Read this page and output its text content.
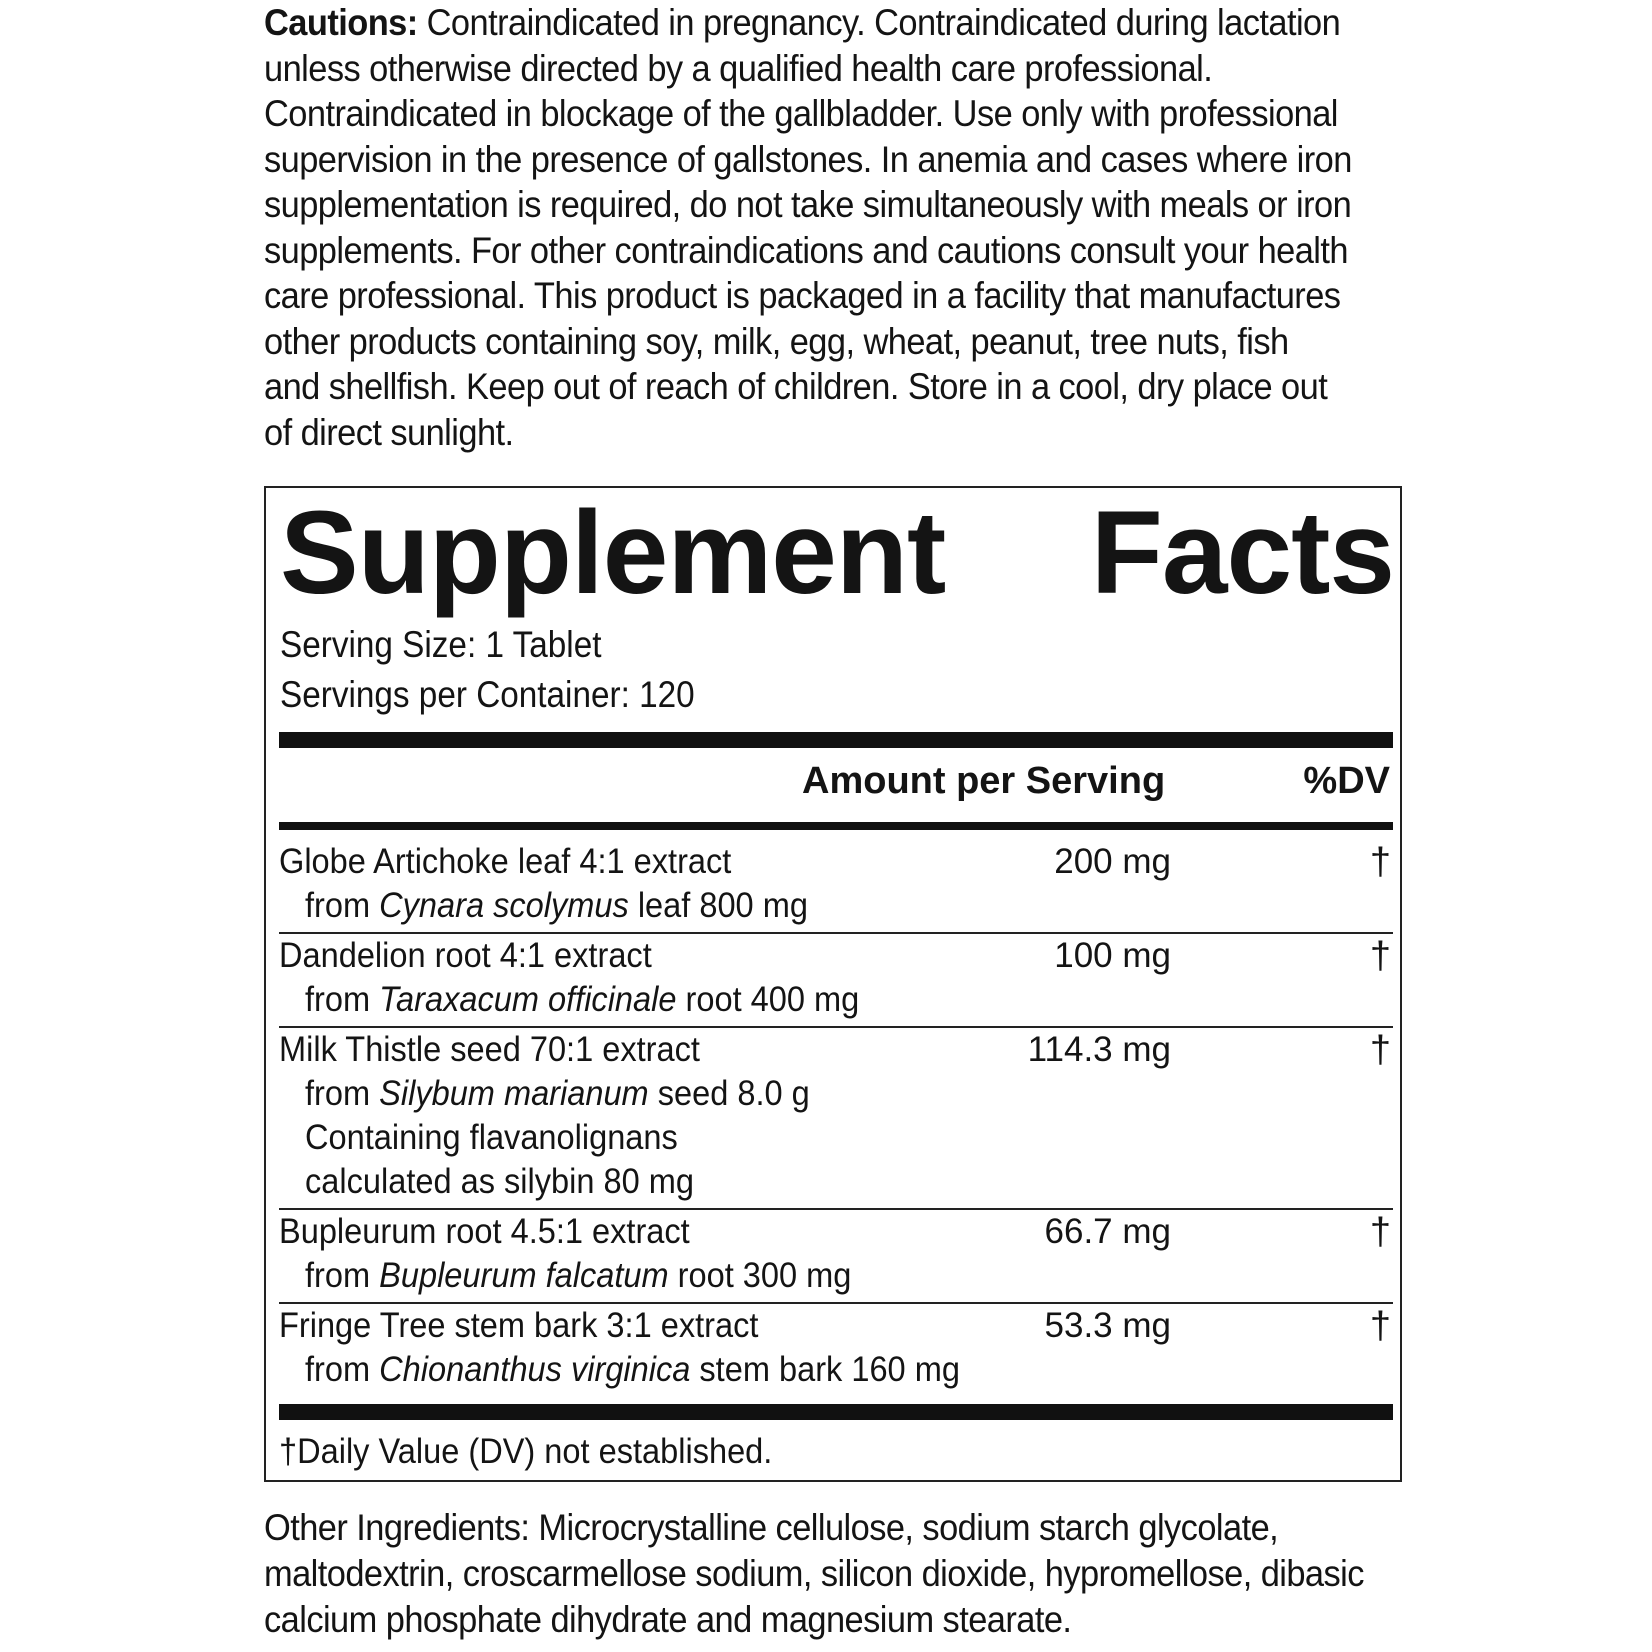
Cautions: Contraindicated in pregnancy. Contraindicated during lactation
unless otherwise directed by a qualified health care professional.
Contraindicated in blockage of the gallbladder. Use only with professional
supervision in the presence of gallstones. In anemia and cases where iron
supplementation is required, do not take simultaneously with meals or iron
supplements. For other contraindications and cautions consult your health
care professional. This product is packaged in a facility that manufactures
other products containing soy, milk, egg, wheat, peanut, tree nuts, fish
and shellfish. Keep out of reach of children. Store in a cool, dry place out
of direct sunlight.
Supplement Facts
Serving Size: 1 Tablet
Servings per Container: 120
Amount per Serving	%DV
Globe Artichoke leaf 4:1 extract
from Cynara scolymus leaf 800 mg
200 mg	†
Dandelion root 4:1 extract
from Taraxacum officinale root 400 mg
100 mg	†
Milk Thistle seed 70:1 extract
from Silybum marianum seed 8.0 g
Containing flavanolignans
calculated as silybin 80 mg
114.3 mg	†
Bupleurum root 4.5:1 extract
from Bupleurum falcatum root 300 mg
66.7 mg	†
Fringe Tree stem bark 3:1 extract
from Chionanthus virginica stem bark 160 mg
53.3 mg	†
†Daily Value (DV) not established.
Other Ingredients: Microcrystalline cellulose, sodium starch glycolate,
maltodextrin, croscarmellose sodium, silicon dioxide, hypromellose, dibasic
calcium phosphate dihydrate and magnesium stearate.
